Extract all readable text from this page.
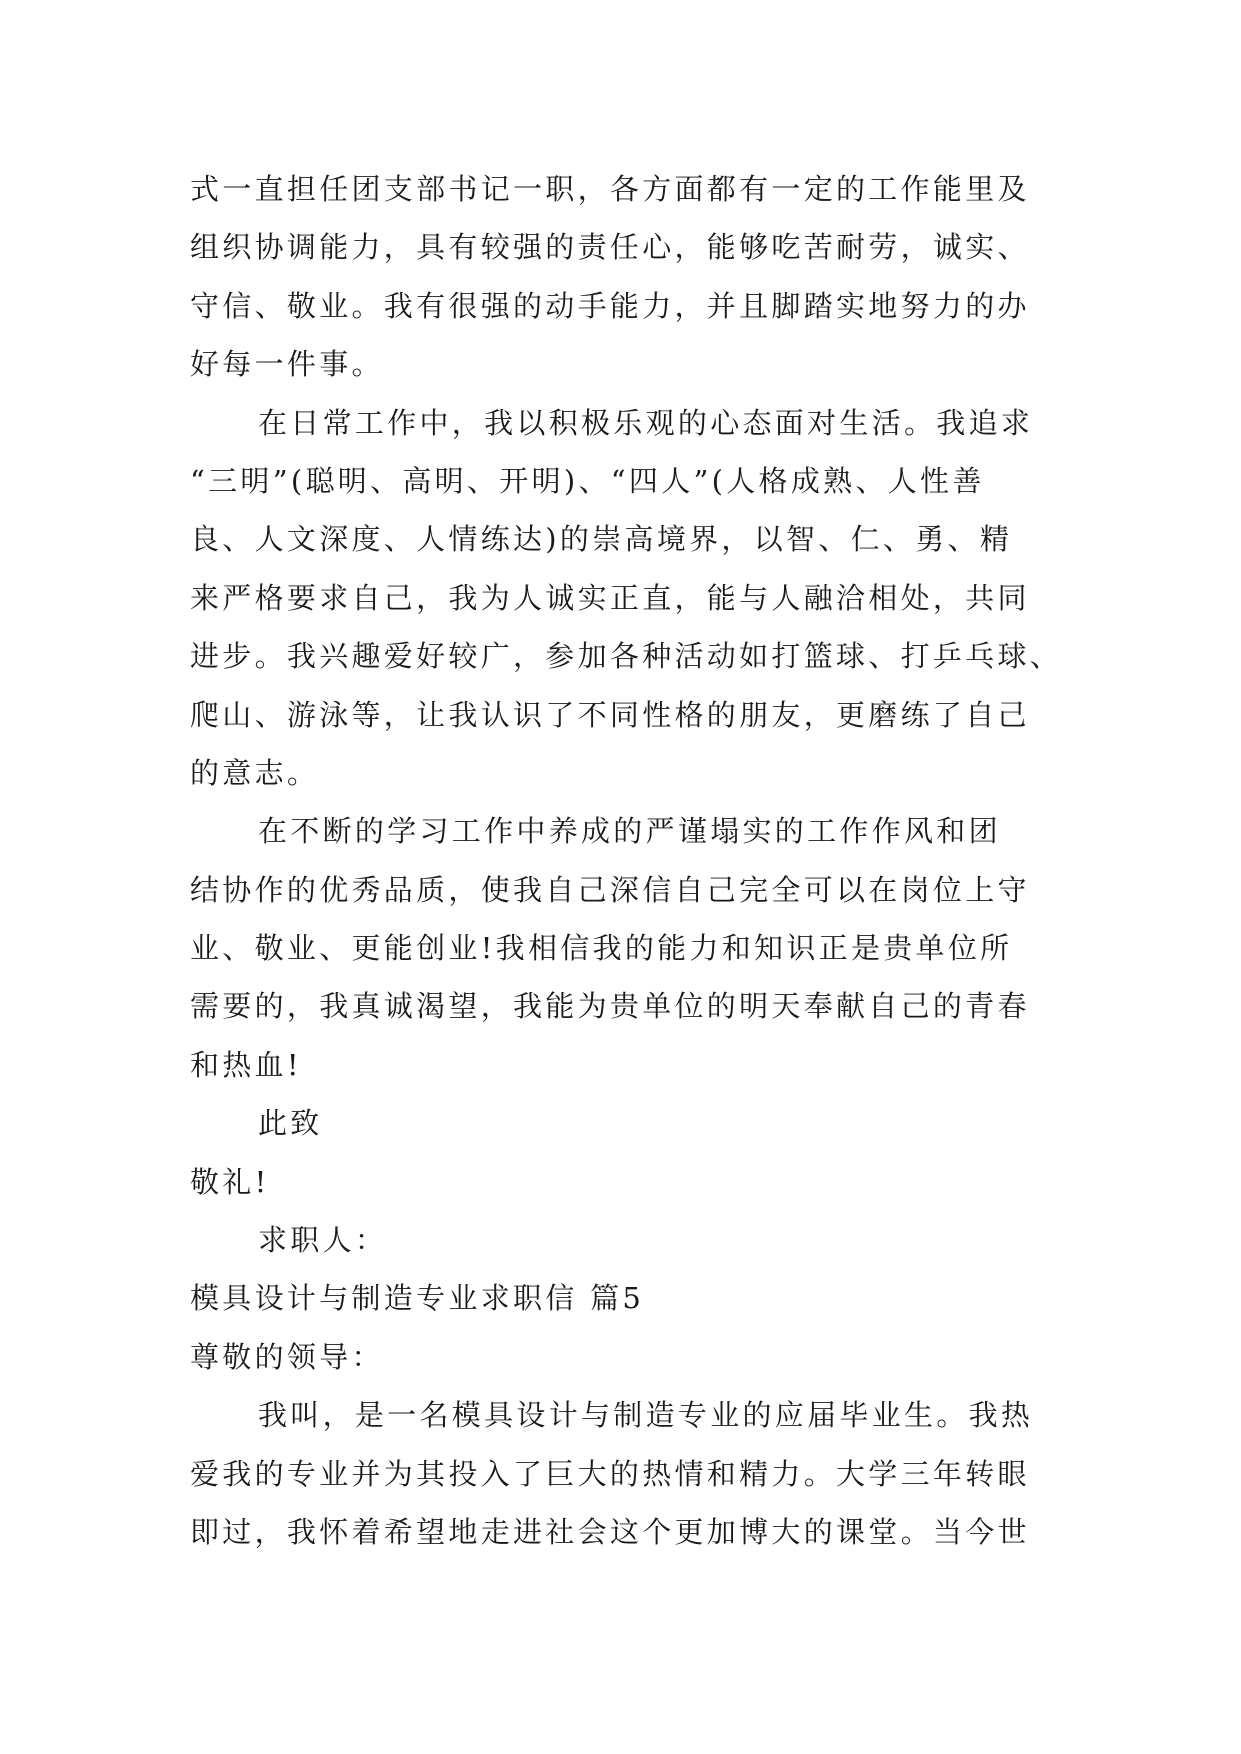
式一直担任团支部书记一职，各方面都有一定的工作能里及
组织协调能力，具有较强的责任心，能够吃苦耐劳，诚实、
守信、敬业。我有很强的动手能力，并且脚踏实地努力的办
好每一件事。
在日常工作中，我以积极乐观的心态面对生活。我追求
“三明”(聪明、高明、开明)、“四人”(人格成熟、人性善
良、人文深度、人情练达)的崇高境界，以智、仁、勇、精
来严格要求自己，我为人诚实正直，能与人融洽相处，共同
进步。我兴趣爱好较广，参加各种活动如打篮球、打乒乓球、
爬山、游泳等，让我认识了不同性格的朋友，更磨练了自己
的意志。
在不断的学习工作中养成的严谨塌实的工作作风和团
结协作的优秀品质，使我自己深信自己完全可以在岗位上守
业、敬业、更能创业!我相信我的能力和知识正是贵单位所
需要的，我真诚渴望，我能为贵单位的明天奉献自己的青春
和热血!
此致
敬礼!
求职人：
模具设计与制造专业求职信 篇5
尊敬的领导：
我叫，是一名模具设计与制造专业的应届毕业生。我热
爱我的专业并为其投入了巨大的热情和精力。大学三年转眼
即过，我怀着希望地走进社会这个更加博大的课堂。当今世
